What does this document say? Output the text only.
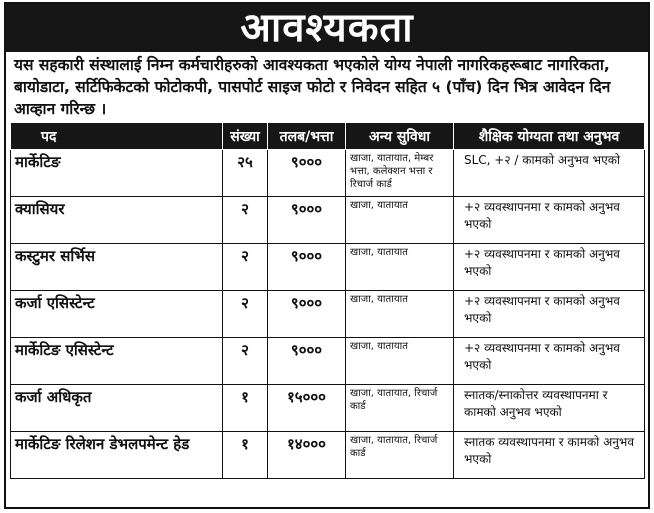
आवश्यकता
यस सहकारी संस्थालाई निम्न कर्मचारीहरुको आवश्यकता भएकोले योग्य नेपाली नागरिकहरूबाट नागरिकता, बायोडाटा, सर्टिफिकेटको फोटोकपी, पासपोर्ट साइज फोटो र निवेदन सहित ५ (पाँच) दिन भित्र आवेदन दिन आव्हान गरिन्छ ।
पद	संख्या	तलब/भत्ता	अन्य सुविधा	शैक्षिक योग्यता तथा अनुभव
मार्केटिङ	२५	९०००	खाजा, यातायात, मेम्बर भत्ता, कलेक्शन भत्ता र रिचार्ज कार्ड	SLC, +२ / कामको अनुभव भएको
क्यासियर	२	९०००	खाजा, यातायात	+२ व्यवस्थापनमा र कामको अनुभव भएको
कस्टुमर सर्भिस	२	९०००	खाजा, यातायात	+२ व्यवस्थापनमा र कामको अनुभव भएको
कर्जा एसिस्टेन्ट	२	९०००	खाजा, यातायात	+२ व्यवस्थापनमा र कामको अनुभव भएको
मार्केटिङ एसिस्टेन्ट	२	९०००	खाजा, यातायात	+२ व्यवस्थापनमा र कामको अनुभव भएको
कर्जा अधिकृत	१	१५०००	खाजा, यातायात, रिचार्ज कार्ड	स्नातक/स्नाकोत्तर व्यवस्थापनमा र कामको अनुभव भएको
मार्केटिङ रिलेशन डेभलपमेन्ट हेड	१	१४०००	खाजा, यातायात, रिचार्ज कार्ड	स्नातक व्यवस्थापनमा र कामको अनुभव भएको
